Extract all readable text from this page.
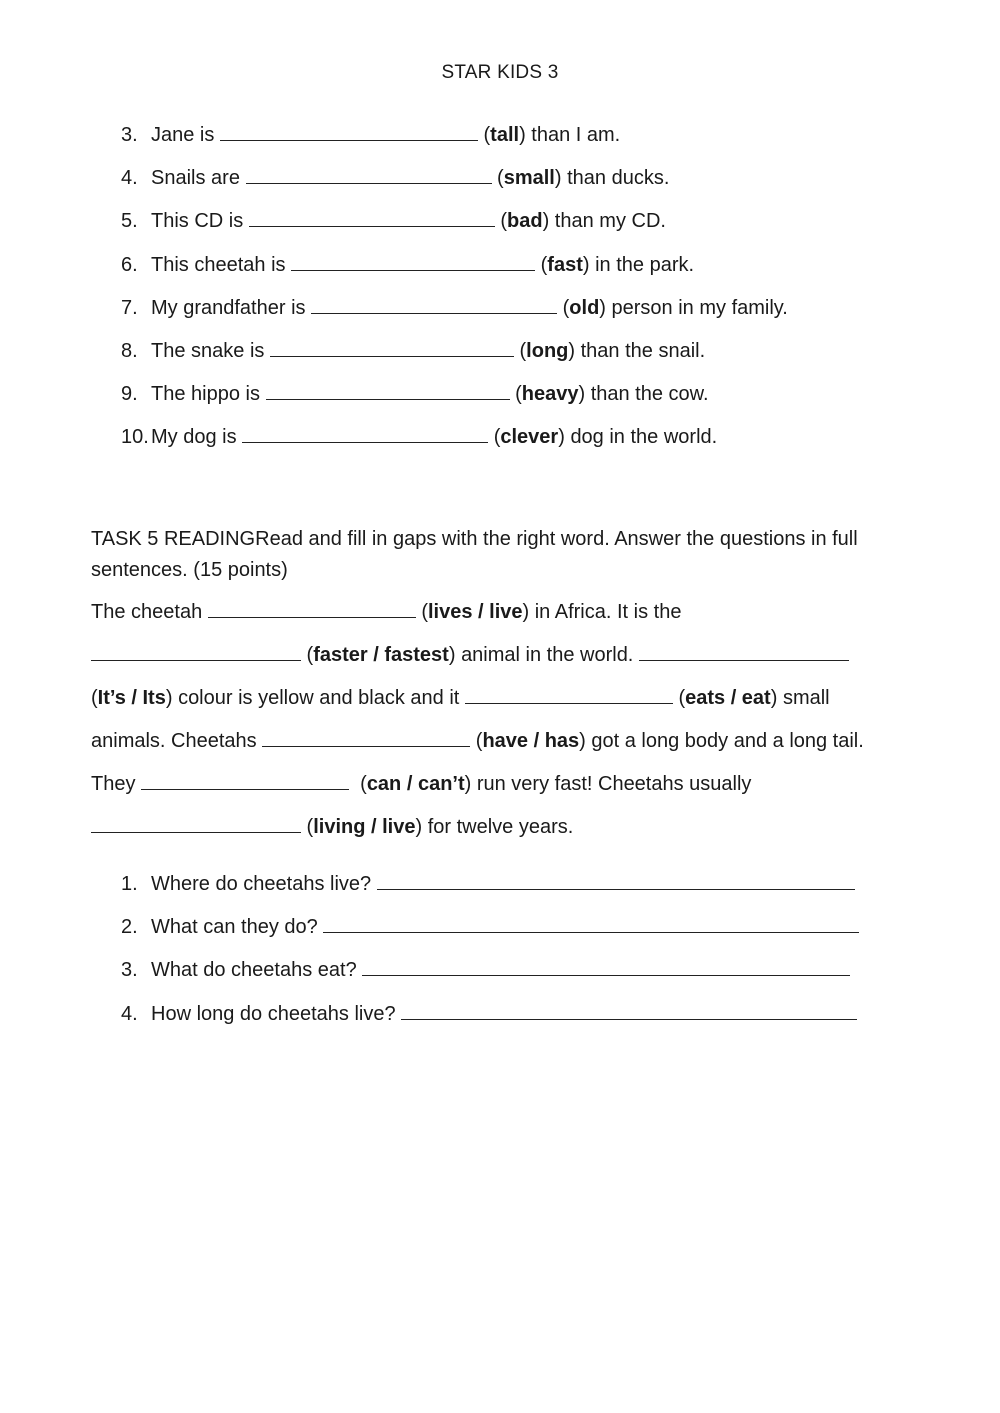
STAR KIDS 3
3. Jane is	(tall) than I am.
4. Snails are	(small) than ducks.
5. This CD is	(bad) than my CD.
6. This cheetah is	(fast) in the park.
7. My grandfather is	(old) person in my family.
8. The snake is	(long) than the snail.
9. The hippo is	(heavy) than the cow.
10. My dog is	(clever) dog in the world.
TASK 5 READINGRead and fill in gaps with the right word. Answer the questions in full sentences. (15 points)
The cheetah	(lives / live) in Africa. It is the
(faster / fastest) animal in the world.
(It’s / Its) colour is yellow and black and it	(eats / eat) small
animals. Cheetahs	(have / has) got a long body and a long tail.
They	(can / can’t) run very fast! Cheetahs usually
(living / live) for twelve years.
1. Where do cheetahs live?
2. What can they do?
3. What do cheetahs eat?
4. How long do cheetahs live?
